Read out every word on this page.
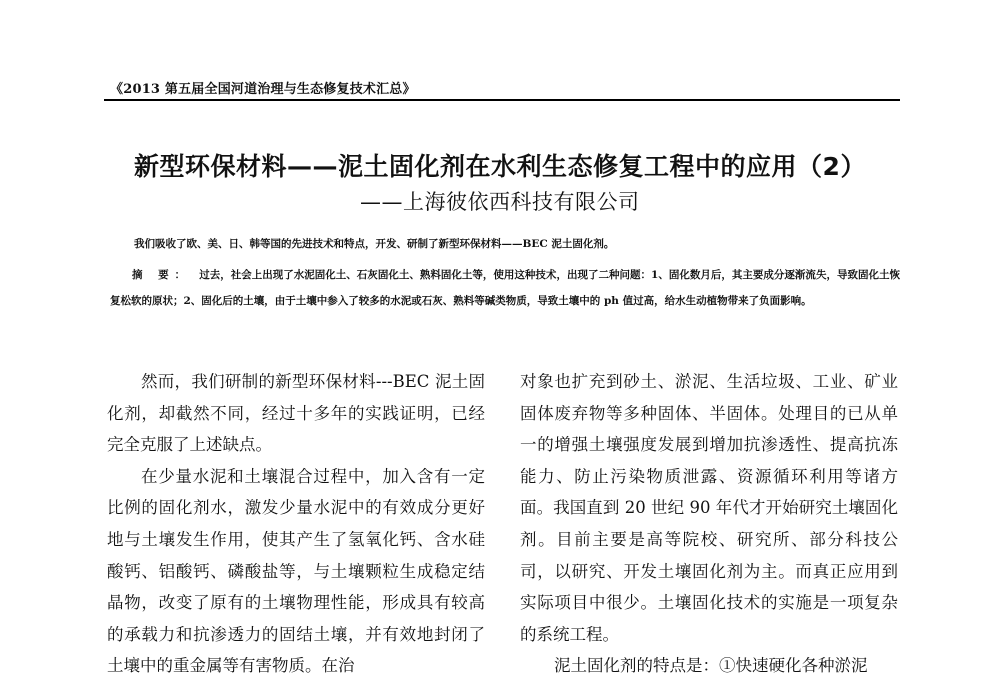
《2013 第五届全国河道治理与生态修复技术汇总》
新型环保材料——泥土固化剂在水利生态修复工程中的应用（2）
——上海彼依西科技有限公司
我们吸收了欧、美、日、韩等国的先进技术和特点，开发、研制了新型环保材料——BEC 泥土固化剂。
摘 要： 过去，社会上出现了水泥固化土、石灰固化土、熟料固化土等，使用这种技术，出现了二种问题：1、固化数月后，其主要成分逐渐流失，导致固化土恢复松软的原状；2、固化后的土壤，由于土壤中参入了较多的水泥或石灰、熟料等碱类物质，导致土壤中的 ph 值过高，给水生动植物带来了负面影响。

然而，我们研制的新型环保材料---BEC 泥土固化剂，却截然不同，经过十多年的实践证明，已经完全克服了上述缺点。

在少量水泥和土壤混合过程中，加入含有一定比例的固化剂水，激发少量水泥中的有效成分更好地与土壤发生作用，使其产生了氢氧化钙、含水硅酸钙、铝酸钙、磷酸盐等，与土壤颗粒生成稳定结晶物，改变了原有的土壤物理性能，形成具有较高的承载力和抗渗透力的固结土壤，并有效地封闭了土壤中的重金属等有害物质。在治

对象也扩充到砂土、淤泥、生活垃圾、工业、矿业固体废弃物等多种固体、半固体。处理目的已从单一的增强土壤强度发展到增加抗渗透性、提高抗冻能力、防止污染物质泄露、资源循环利用等诸方面。我国直到 20 世纪 90 年代才开始研究土壤固化剂。目前主要是高等院校、研究所、部分科技公司，以研究、开发土壤固化剂为主。而真正应用到实际项目中很少。土壤固化技术的实施是一项复杂的系统工程。

泥土固化剂的特点是：①快速硬化各种淤泥
